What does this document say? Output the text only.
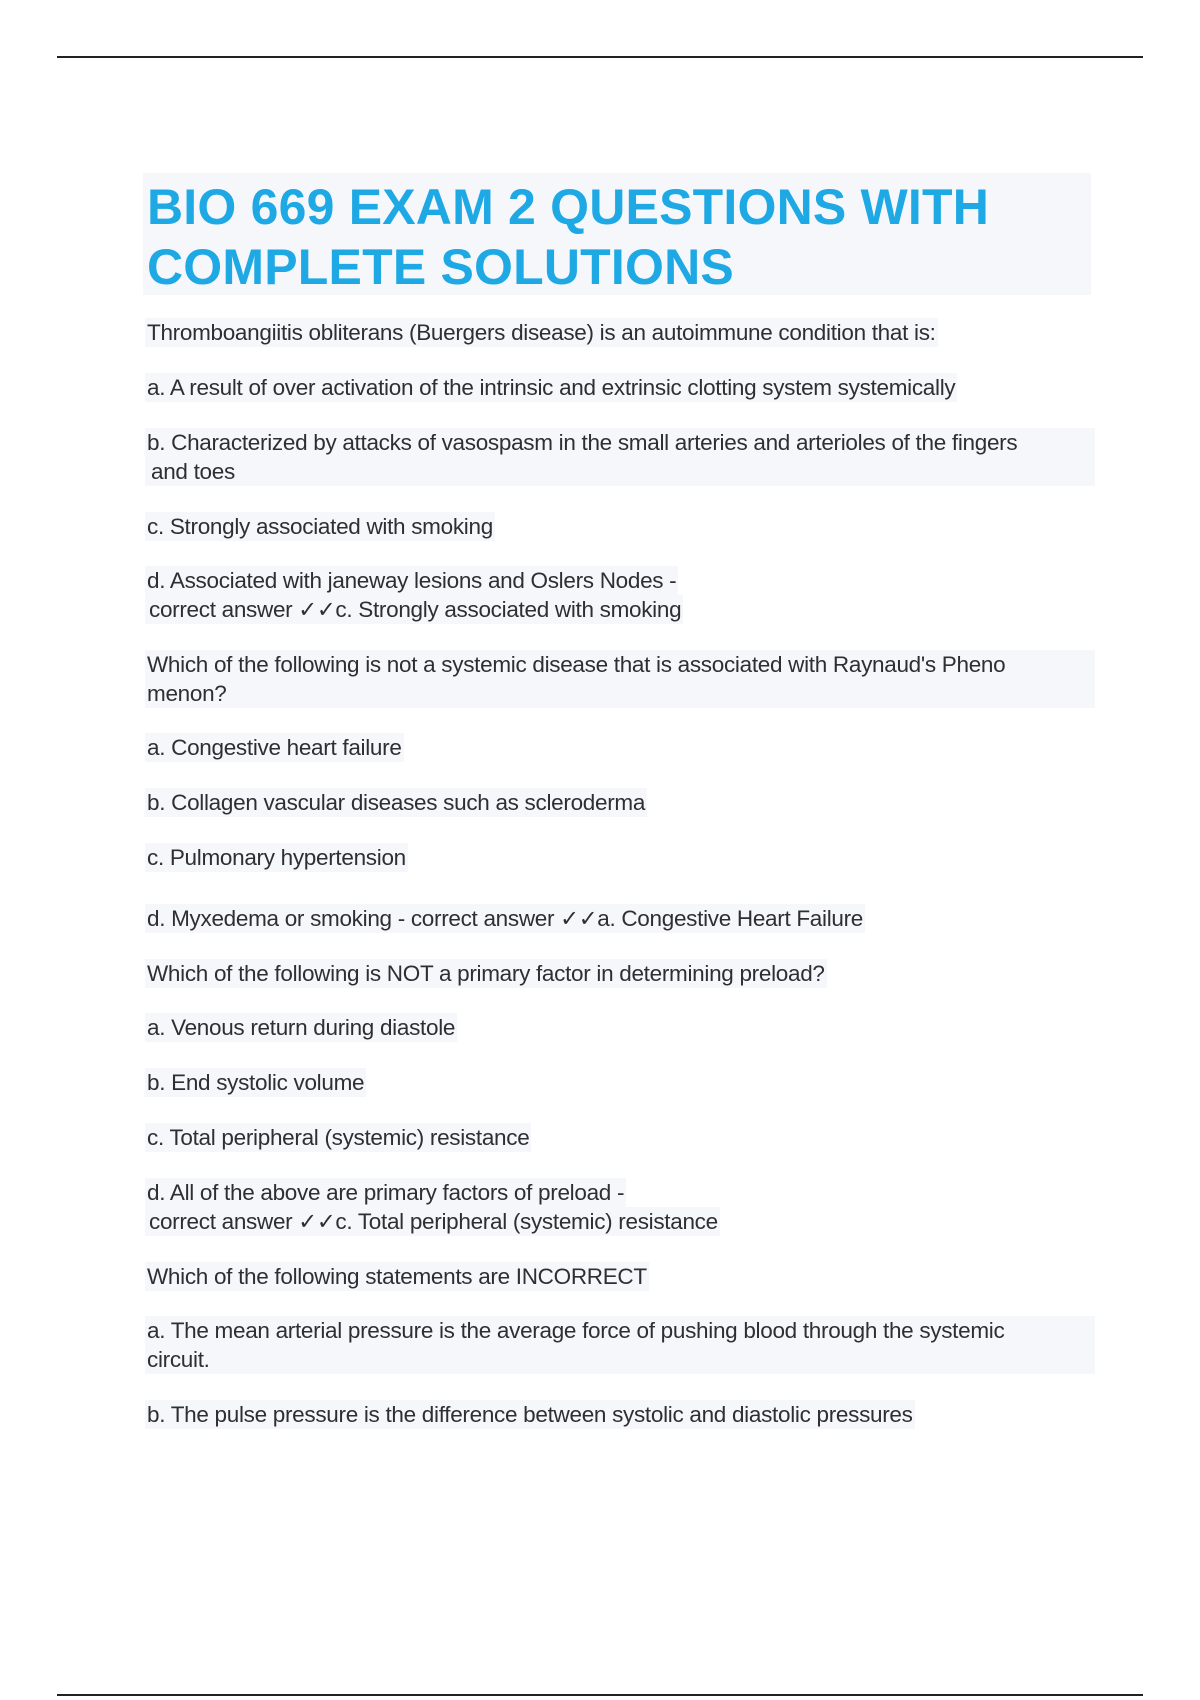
BIO 669 EXAM 2 QUESTIONS WITH
COMPLETE SOLUTIONS
Thromboangiitis obliterans (Buergers disease) is an autoimmune condition that is:
a. A result of over activation of the intrinsic and extrinsic clotting system systemically
b. Characterized by attacks of vasospasm in the small arteries and arterioles of the fingers
and toes
c. Strongly associated with smoking
d. Associated with janeway lesions and Oslers Nodes -
correct answer ✓✓c. Strongly associated with smoking
Which of the following is not a systemic disease that is associated with Raynaud's Pheno
menon?
a. Congestive heart failure
b. Collagen vascular diseases such as scleroderma
c. Pulmonary hypertension
d. Myxedema or smoking - correct answer ✓✓a. Congestive Heart Failure
Which of the following is NOT a primary factor in determining preload?
a. Venous return during diastole
b. End systolic volume
c. Total peripheral (systemic) resistance
d. All of the above are primary factors of preload -
correct answer ✓✓c. Total peripheral (systemic) resistance
Which of the following statements are INCORRECT
a. The mean arterial pressure is the average force of pushing blood through the systemic
circuit.
b. The pulse pressure is the difference between systolic and diastolic pressures
